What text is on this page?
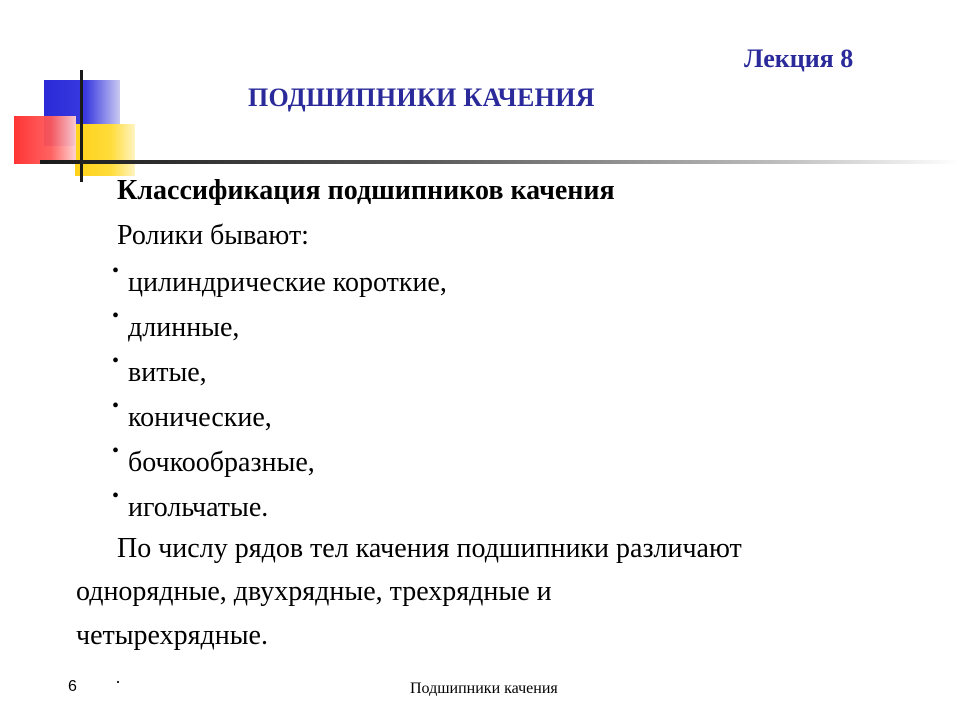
Лекция 8
ПОДШИПНИКИ КАЧЕНИЯ
Классификация подшипников качения
Ролики бывают:
• цилиндрические короткие,
• длинные,
• витые,
• конические,
• бочкообразные,
• игольчатые.
По числу рядов тел качения подшипники различают
однорядные, двухрядные, трехрядные и
четырехрядные.
6 ·	Подшипники качения
